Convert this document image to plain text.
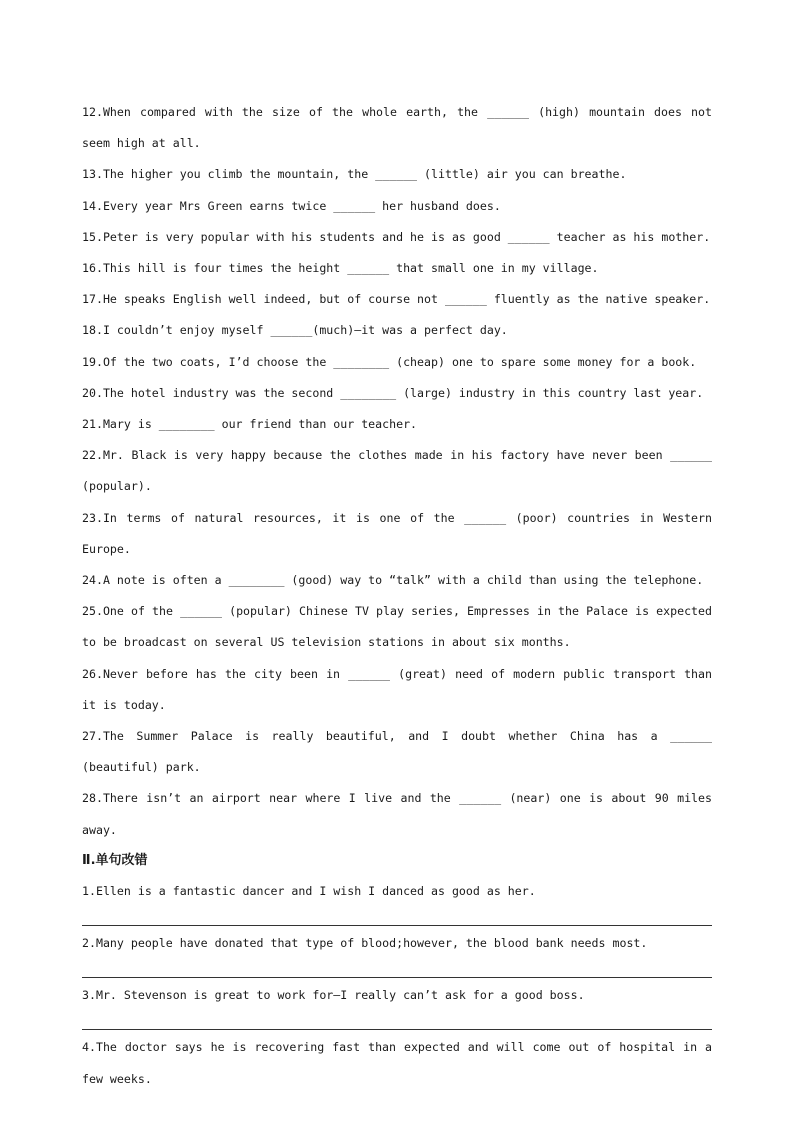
12.When compared with the size of the whole earth, the ______ (high) mountain does not seem high at all.

13.The higher you climb the mountain, the ______ (little) air you can breathe.

14.Every year Mrs Green earns twice ______ her husband does.

15.Peter is very popular with his students and he is as good ______ teacher as his mother.

16.This hill is four times the height ______ that small one in my village.

17.He speaks English well indeed, but of course not ______ fluently as the native speaker.

18.I couldn’t enjoy myself ______(much)—it was a perfect day.

19.Of the two coats, I’d choose the ________ (cheap) one to spare some money for a book.

20.The hotel industry was the second ________ (large) industry in this country last year.

21.Mary is ________ our friend than our teacher.

22.Mr. Black is very happy because the clothes made in his factory have never been ______ (popular).

23.In terms of natural resources, it is one of the ______ (poor) countries in Western Europe.

24.A note is often a ________ (good) way to “talk” with a child than using the telephone.

25.One of the ______ (popular) Chinese TV play series, Empresses in the Palace is expected to be broadcast on several US television stations in about six months.

26.Never before has the city been in ______ (great) need of modern public transport than it is today.

27.The Summer Palace is really beautiful, and I doubt whether China has a ______ (beautiful) park.

28.There isn’t an airport near where I live and the ______ (near) one is about 90 miles away.

Ⅱ.单句改错

1.Ellen is a fantastic dancer and I wish I danced as good as her.

2.Many people have donated that type of blood;however, the blood bank needs most.

3.Mr. Stevenson is great to work for—I really can’t ask for a good boss.

4.The doctor says he is recovering fast than expected and will come out of hospital in a few weeks.
